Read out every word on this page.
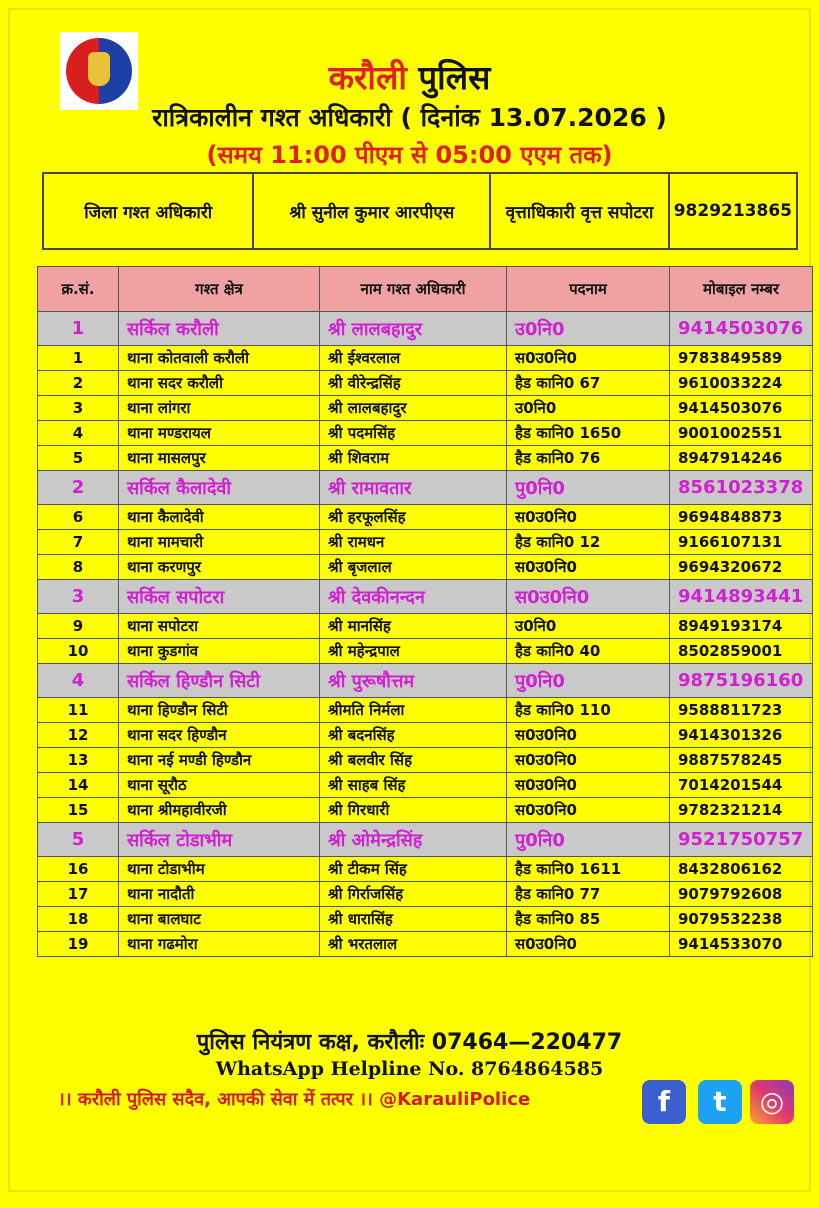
करौली पुलिस
रात्रिकालीन गश्त अधिकारी ( दिनांक 13.07.2026 )
(समय 11:00 पीएम से 05:00 एएम तक)
जिला गश्त अधिकारी	श्री सुनील कुमार आरपीएस	वृत्ताधिकारी वृत्त सपोटरा	9829213865
क्र.सं.	गश्त क्षेत्र	नाम गश्त अधिकारी	पदनाम	मोबाइल नम्बर
1	सर्किल करौली	श्री लालबहादुर	उ0नि0	9414503076
1	थाना कोतवाली करौली	श्री ईश्वरलाल	स0उ0नि0	9783849589
2	थाना सदर करौली	श्री वीरेन्द्रसिंह	हैड कानि0 67	9610033224
3	थाना लांगरा	श्री लालबहादुर	उ0नि0	9414503076
4	थाना मण्डरायल	श्री पदमसिंह	हैड कानि0 1650	9001002551
5	थाना मासलपुर	श्री शिवराम	हैड कानि0 76	8947914246
2	सर्किल कैलादेवी	श्री रामावतार	पु0नि0	8561023378
6	थाना कैलादेवी	श्री हरफूलसिंह	स0उ0नि0	9694848873
7	थाना मामचारी	श्री रामधन	हैड कानि0 12	9166107131
8	थाना करणपुर	श्री बृजलाल	स0उ0नि0	9694320672
3	सर्किल सपोटरा	श्री देवकीनन्दन	स0उ0नि0	9414893441
9	थाना सपोटरा	श्री मानसिंह	उ0नि0	8949193174
10	थाना कुडगांव	श्री महेन्द्रपाल	हैड कानि0 40	8502859001
4	सर्किल हिण्डौन सिटी	श्री पुरूषौत्तम	पु0नि0	9875196160
11	थाना हिण्डौन सिटी	श्रीमति निर्मला	हैड कानि0 110	9588811723
12	थाना सदर हिण्डौन	श्री बदनसिंह	स0उ0नि0	9414301326
13	थाना नई मण्डी हिण्डौन	श्री बलवीर सिंह	स0उ0नि0	9887578245
14	थाना सूरौठ	श्री साहब सिंह	स0उ0नि0	7014201544
15	थाना श्रीमहावीरजी	श्री गिरधारी	स0उ0नि0	9782321214
5	सर्किल टोडाभीम	श्री ओमेन्द्रसिंह	पु0नि0	9521750757
16	थाना टोडाभीम	श्री टीकम सिंह	हैड कानि0 1611	8432806162
17	थाना नादौती	श्री गिर्राजसिंह	हैड कानि0 77	9079792608
18	थाना बालघाट	श्री धारासिंह	हैड कानि0 85	9079532238
19	थाना गढमोरा	श्री भरतलाल	स0उ0नि0	9414533070
पुलिस नियंत्रण कक्ष, करौलीः 07464—220477
WhatsApp Helpline No. 8764864585
।। करौली पुलिस सदैव, आपकी सेवा में तत्पर ।। @KarauliPolice	f	t	◎
